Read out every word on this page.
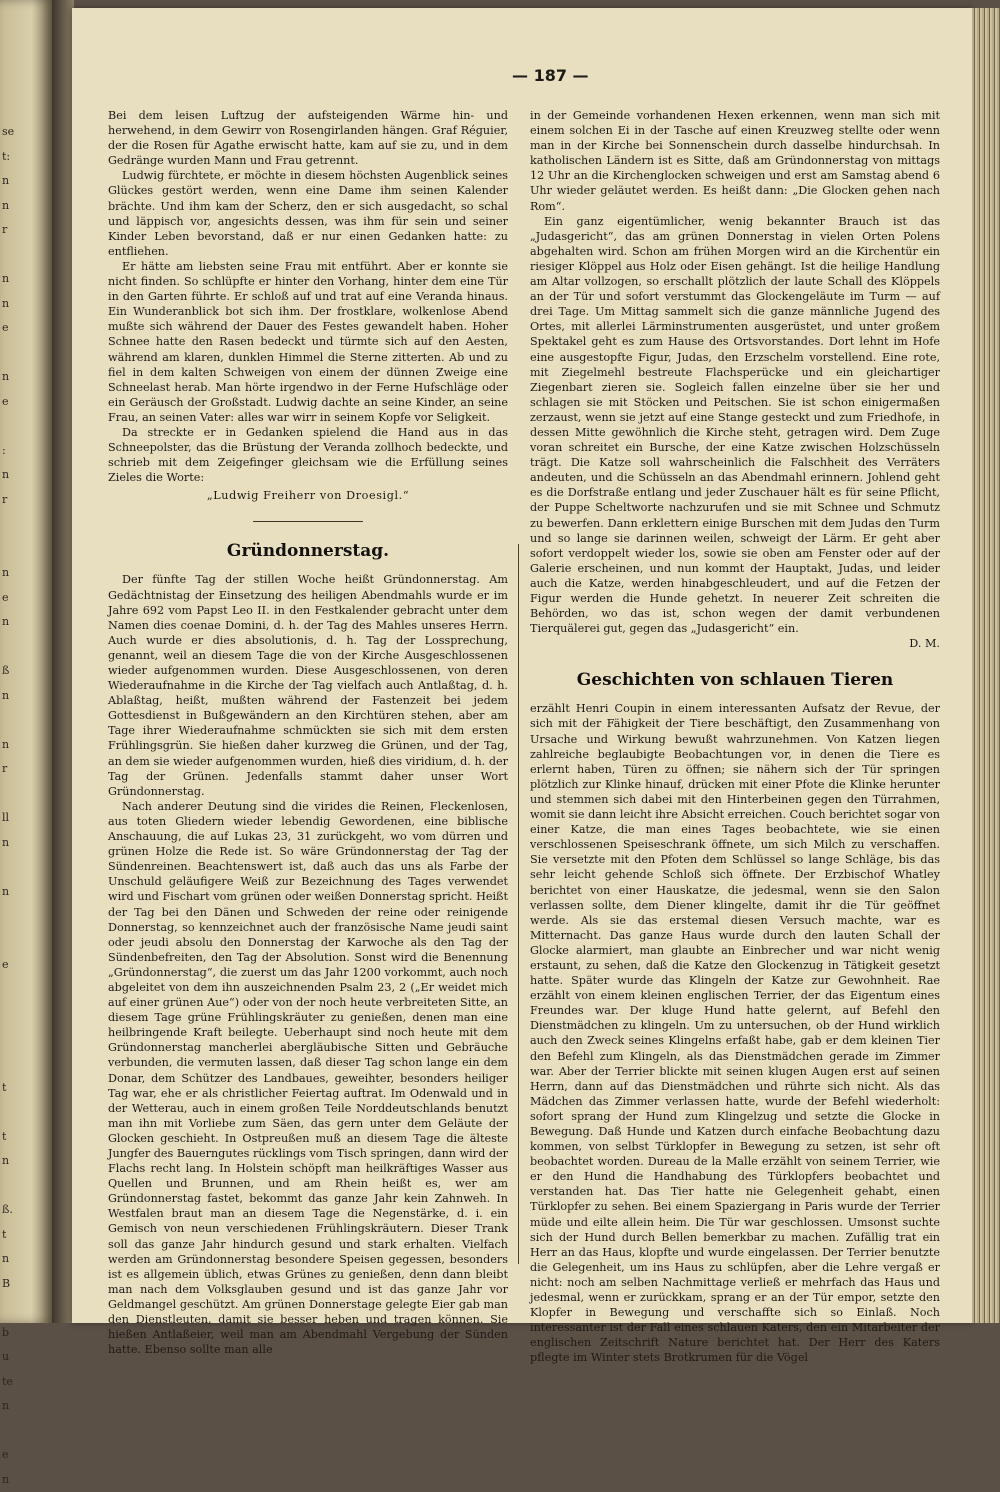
se
t:
n
n
r

n
n
e

n
e

:
n
r

n
e
n

ß
n

n
r

ll
n

n

e

t

t
n

ß.
t
n
B

b
u
te
n

e
n
— 187 —

Bei dem leisen Luftzug der aufsteigenden Wärme hin- und herwehend, in dem Gewirr von Rosengirlanden hängen. Graf Réguier, der die Rosen für Agathe erwischt hatte, kam auf sie zu, und in dem Gedränge wurden Mann und Frau getrennt.

Ludwig fürchtete, er möchte in diesem höchsten Augenblick seines Glückes gestört werden, wenn eine Dame ihm seinen Kalender brächte. Und ihm kam der Scherz, den er sich ausgedacht, so schal und läppisch vor, angesichts dessen, was ihm für sein und seiner Kinder Leben bevorstand, daß er nur einen Gedanken hatte: zu entfliehen.

Er hätte am liebsten seine Frau mit entführt. Aber er konnte sie nicht finden. So schlüpfte er hinter den Vorhang, hinter dem eine Tür in den Garten führte. Er schloß auf und trat auf eine Veranda hinaus. Ein Wunderanblick bot sich ihm. Der frostklare, wolkenlose Abend mußte sich während der Dauer des Festes gewandelt haben. Hoher Schnee hatte den Rasen bedeckt und türmte sich auf den Aesten, während am klaren, dunklen Himmel die Sterne zitterten. Ab und zu fiel in dem kalten Schweigen von einem der dünnen Zweige eine Schneelast herab. Man hörte irgendwo in der Ferne Hufschläge oder ein Geräusch der Großstadt. Ludwig dachte an seine Kinder, an seine Frau, an seinen Vater: alles war wirr in seinem Kopfe vor Seligkeit.

Da streckte er in Gedanken spielend die Hand aus in das Schneepolster, das die Brüstung der Veranda zollhoch bedeckte, und schrieb mit dem Zeigefinger gleichsam wie die Erfüllung seines Zieles die Worte:

„Ludwig Freiherr von Droesigl.“

Gründonnerstag.

Der fünfte Tag der stillen Woche heißt Gründonnerstag. Am Gedächtnistag der Einsetzung des heiligen Abendmahls wurde er im Jahre 692 vom Papst Leo II. in den Festkalender gebracht unter dem Namen dies coenae Domini, d. h. der Tag des Mahles unseres Herrn. Auch wurde er dies absolutionis, d. h. Tag der Lossprechung, genannt, weil an diesem Tage die von der Kirche Ausgeschlossenen wieder aufgenommen wurden. Diese Ausgeschlossenen, von deren Wiederaufnahme in die Kirche der Tag vielfach auch Antlaßtag, d. h. Ablaßtag, heißt, mußten während der Fastenzeit bei jedem Gottesdienst in Bußgewändern an den Kirchtüren stehen, aber am Tage ihrer Wiederaufnahme schmückten sie sich mit dem ersten Frühlingsgrün. Sie hießen daher kurzweg die Grünen, und der Tag, an dem sie wieder aufgenommen wurden, hieß dies viridium, d. h. der Tag der Grünen. Jedenfalls stammt daher unser Wort Gründonnerstag.

Nach anderer Deutung sind die virides die Reinen, Fleckenlosen, aus toten Gliedern wieder lebendig Gewordenen, eine biblische Anschauung, die auf Lukas 23, 31 zurückgeht, wo vom dürren und grünen Holze die Rede ist. So wäre Gründonnerstag der Tag der Sündenreinen. Beachtenswert ist, daß auch das uns als Farbe der Unschuld geläufigere Weiß zur Bezeichnung des Tages verwendet wird und Fischart vom grünen oder weißen Donnerstag spricht. Heißt der Tag bei den Dänen und Schweden der reine oder reinigende Donnerstag, so kennzeichnet auch der französische Name jeudi saint oder jeudi absolu den Donnerstag der Karwoche als den Tag der Sündenbefreiten, den Tag der Absolution. Sonst wird die Benennung „Gründonnerstag“, die zuerst um das Jahr 1200 vorkommt, auch noch abgeleitet von dem ihn auszeichnenden Psalm 23, 2 („Er weidet mich auf einer grünen Aue“) oder von der noch heute verbreiteten Sitte, an diesem Tage grüne Frühlingskräuter zu genießen, denen man eine heilbringende Kraft beilegte. Ueberhaupt sind noch heute mit dem Gründonnerstag mancherlei abergläubische Sitten und Gebräuche verbunden, die vermuten lassen, daß dieser Tag schon lange ein dem Donar, dem Schützer des Landbaues, geweihter, besonders heiliger Tag war, ehe er als christlicher Feiertag auftrat. Im Odenwald und in der Wetterau, auch in einem großen Teile Norddeutschlands benutzt man ihn mit Vorliebe zum Säen, das gern unter dem Geläute der Glocken geschieht. In Ostpreußen muß an diesem Tage die älteste Jungfer des Bauerngutes rücklings vom Tisch springen, dann wird der Flachs recht lang. In Holstein schöpft man heilkräftiges Wasser aus Quellen und Brunnen, und am Rhein heißt es, wer am Gründonnerstag fastet, bekommt das ganze Jahr kein Zahnweh. In Westfalen braut man an diesem Tage die Negenstärke, d. i. ein Gemisch von neun verschiedenen Frühlingskräutern. Dieser Trank soll das ganze Jahr hindurch gesund und stark erhalten. Vielfach werden am Gründonnerstag besondere Speisen gegessen, besonders ist es allgemein üblich, etwas Grünes zu genießen, denn dann bleibt man nach dem Volksglauben gesund und ist das ganze Jahr vor Geldmangel geschützt. Am grünen Donnerstage gelegte Eier gab man den Dienstleuten, damit sie besser heben und tragen können. Sie hießen Antlaßeier, weil man am Abendmahl Vergebung der Sünden hatte. Ebenso sollte man alle

in der Gemeinde vorhandenen Hexen erkennen, wenn man sich mit einem solchen Ei in der Tasche auf einen Kreuzweg stellte oder wenn man in der Kirche bei Sonnenschein durch dasselbe hindurchsah. In katholischen Ländern ist es Sitte, daß am Gründonnerstag von mittags 12 Uhr an die Kirchenglocken schweigen und erst am Samstag abend 6 Uhr wieder geläutet werden. Es heißt dann: „Die Glocken gehen nach Rom“.

Ein ganz eigentümlicher, wenig bekannter Brauch ist das „Judasgericht“, das am grünen Donnerstag in vielen Orten Polens abgehalten wird. Schon am frühen Morgen wird an die Kirchentür ein riesiger Klöppel aus Holz oder Eisen gehängt. Ist die heilige Handlung am Altar vollzogen, so erschallt plötzlich der laute Schall des Klöppels an der Tür und sofort verstummt das Glockengeläute im Turm — auf drei Tage. Um Mittag sammelt sich die ganze männliche Jugend des Ortes, mit allerlei Lärminstrumenten ausgerüstet, und unter großem Spektakel geht es zum Hause des Ortsvorstandes. Dort lehnt im Hofe eine ausgestopfte Figur, Judas, den Erzschelm vorstellend. Eine rote, mit Ziegelmehl bestreute Flachsperücke und ein gleichartiger Ziegenbart zieren sie. Sogleich fallen einzelne über sie her und schlagen sie mit Stöcken und Peitschen. Sie ist schon einigermaßen zerzaust, wenn sie jetzt auf eine Stange gesteckt und zum Friedhofe, in dessen Mitte gewöhnlich die Kirche steht, getragen wird. Dem Zuge voran schreitet ein Bursche, der eine Katze zwischen Holzschüsseln trägt. Die Katze soll wahrscheinlich die Falschheit des Verräters andeuten, und die Schüsseln an das Abendmahl erinnern. Johlend geht es die Dorfstraße entlang und jeder Zuschauer hält es für seine Pflicht, der Puppe Scheltworte nachzurufen und sie mit Schnee und Schmutz zu bewerfen. Dann erklettern einige Burschen mit dem Judas den Turm und so lange sie darinnen weilen, schweigt der Lärm. Er geht aber sofort verdoppelt wieder los, sowie sie oben am Fenster oder auf der Galerie erscheinen, und nun kommt der Hauptakt, Judas, und leider auch die Katze, werden hinabgeschleudert, und auf die Fetzen der Figur werden die Hunde gehetzt. In neuerer Zeit schreiten die Behörden, wo das ist, schon wegen der damit verbundenen Tierquälerei gut, gegen das „Judasgericht“ ein.

D. M.

Geschichten von schlauen Tieren

erzählt Henri Coupin in einem interessanten Aufsatz der Revue, der sich mit der Fähigkeit der Tiere beschäftigt, den Zusammenhang von Ursache und Wirkung bewußt wahrzunehmen. Von Katzen liegen zahlreiche beglaubigte Beobachtungen vor, in denen die Tiere es erlernt haben, Türen zu öffnen; sie nähern sich der Tür springen plötzlich zur Klinke hinauf, drücken mit einer Pfote die Klinke herunter und stemmen sich dabei mit den Hinterbeinen gegen den Türrahmen, womit sie dann leicht ihre Absicht erreichen. Couch berichtet sogar von einer Katze, die man eines Tages beobachtete, wie sie einen verschlossenen Speiseschrank öffnete, um sich Milch zu verschaffen. Sie versetzte mit den Pfoten dem Schlüssel so lange Schläge, bis das sehr leicht gehende Schloß sich öffnete. Der Erzbischof Whatley berichtet von einer Hauskatze, die jedesmal, wenn sie den Salon verlassen sollte, dem Diener klingelte, damit ihr die Tür geöffnet werde. Als sie das erstemal diesen Versuch machte, war es Mitternacht. Das ganze Haus wurde durch den lauten Schall der Glocke alarmiert, man glaubte an Einbrecher und war nicht wenig erstaunt, zu sehen, daß die Katze den Glockenzug in Tätigkeit gesetzt hatte. Später wurde das Klingeln der Katze zur Gewohnheit. Rae erzählt von einem kleinen englischen Terrier, der das Eigentum eines Freundes war. Der kluge Hund hatte gelernt, auf Befehl den Dienstmädchen zu klingeln. Um zu untersuchen, ob der Hund wirklich auch den Zweck seines Klingelns erfaßt habe, gab er dem kleinen Tier den Befehl zum Klingeln, als das Dienstmädchen gerade im Zimmer war. Aber der Terrier blickte mit seinen klugen Augen erst auf seinen Herrn, dann auf das Dienstmädchen und rührte sich nicht. Als das Mädchen das Zimmer verlassen hatte, wurde der Befehl wiederholt: sofort sprang der Hund zum Klingelzug und setzte die Glocke in Bewegung. Daß Hunde und Katzen durch einfache Beobachtung dazu kommen, von selbst Türklopfer in Bewegung zu setzen, ist sehr oft beobachtet worden. Dureau de la Malle erzählt von seinem Terrier, wie er den Hund die Handhabung des Türklopfers beobachtet und verstanden hat. Das Tier hatte nie Gelegenheit gehabt, einen Türklopfer zu sehen. Bei einem Spaziergang in Paris wurde der Terrier müde und eilte allein heim. Die Tür war geschlossen. Umsonst suchte sich der Hund durch Bellen bemerkbar zu machen. Zufällig trat ein Herr an das Haus, klopfte und wurde eingelassen. Der Terrier benutzte die Gelegenheit, um ins Haus zu schlüpfen, aber die Lehre vergaß er nicht: noch am selben Nachmittage verließ er mehrfach das Haus und jedesmal, wenn er zurückkam, sprang er an der Tür empor, setzte den Klopfer in Bewegung und verschaffte sich so Einlaß. Noch interessanter ist der Fall eines schlauen Katers, den ein Mitarbeiter der englischen Zeitschrift Nature berichtet hat. Der Herr des Katers pflegte im Winter stets Brotkrumen für die Vögel
